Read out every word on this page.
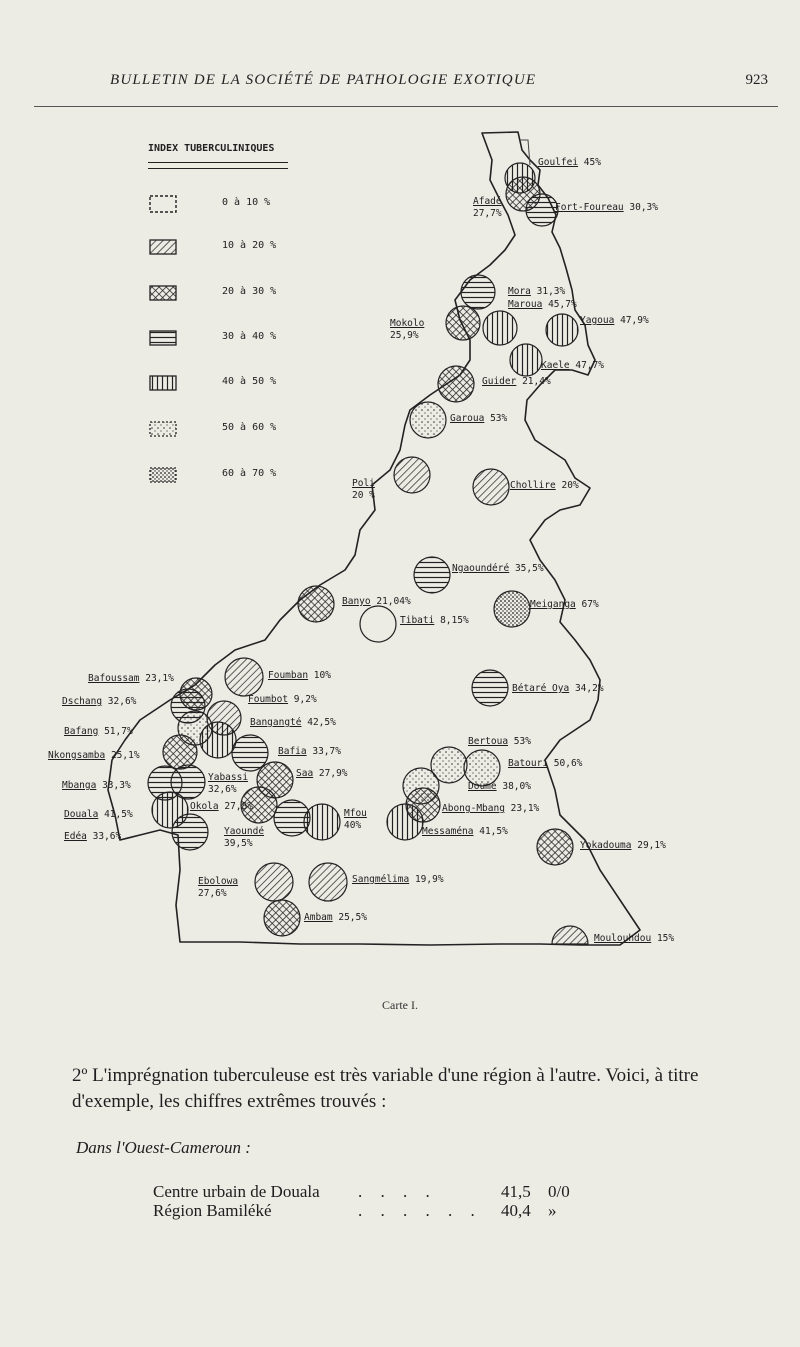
BULLETIN DE LA SOCIÉTÉ DE PATHOLOGIE EXOTIQUE	923
INDEX TUBERCULINIQUES
0 à 10 %
10 à 20 %
20 à 30 %
30 à 40 %
40 à 50 %
50 à 60 %
60 à 70 %
Goulfei 45%
Afadé
27,7%
Fort-Foureau 30,3%
Mora 31,3%
Maroua 45,7%
Yagoua 47,9%
Mokolo
25,9%
Kaele 47,7%
Guider 21,4%
Garoua 53%
Poli
20 %
Chollire 20%
Ngaoundéré 35,5%
Banyo 21,04%
Tibati 8,15%
Meiganga 67%
Bafoussam 23,1%	Foumban 10%
Dschang 32,6%	Foumbot 9,2%
Bafang 51,7%
Bangangté 42,5%
Bétaré Oya 34,2%
Nkongsamba 25,1%	Bafia 33,7%
Bertoua 53%
Mbanga 33,3%
Yabassi
32,6%
Saa 27,9%
Batouri 50,6%
Doumé 38,0%
Douala 41,5%
Okola 27,8%
Mfou
40%
Abong-Mbang 23,1%
Edéa 33,6%	Yaoundé
39,5%
Messaména 41,5%
Yokadouma 29,1%
Ebolowa
27,6%
Sangmélima 19,9%
Ambam 25,5%
Moulouhdou 15%
Carte I.
2º L'imprégnation tuberculeuse est très variable d'une région à l'autre. Voici, à titre d'exemple, les chiffres extrêmes trouvés :
Dans l'Ouest-Cameroun :
Centre urbain de Douala . . . .	41,5 0/0
Région Bamiléké	. . . . . . 40,4 »
